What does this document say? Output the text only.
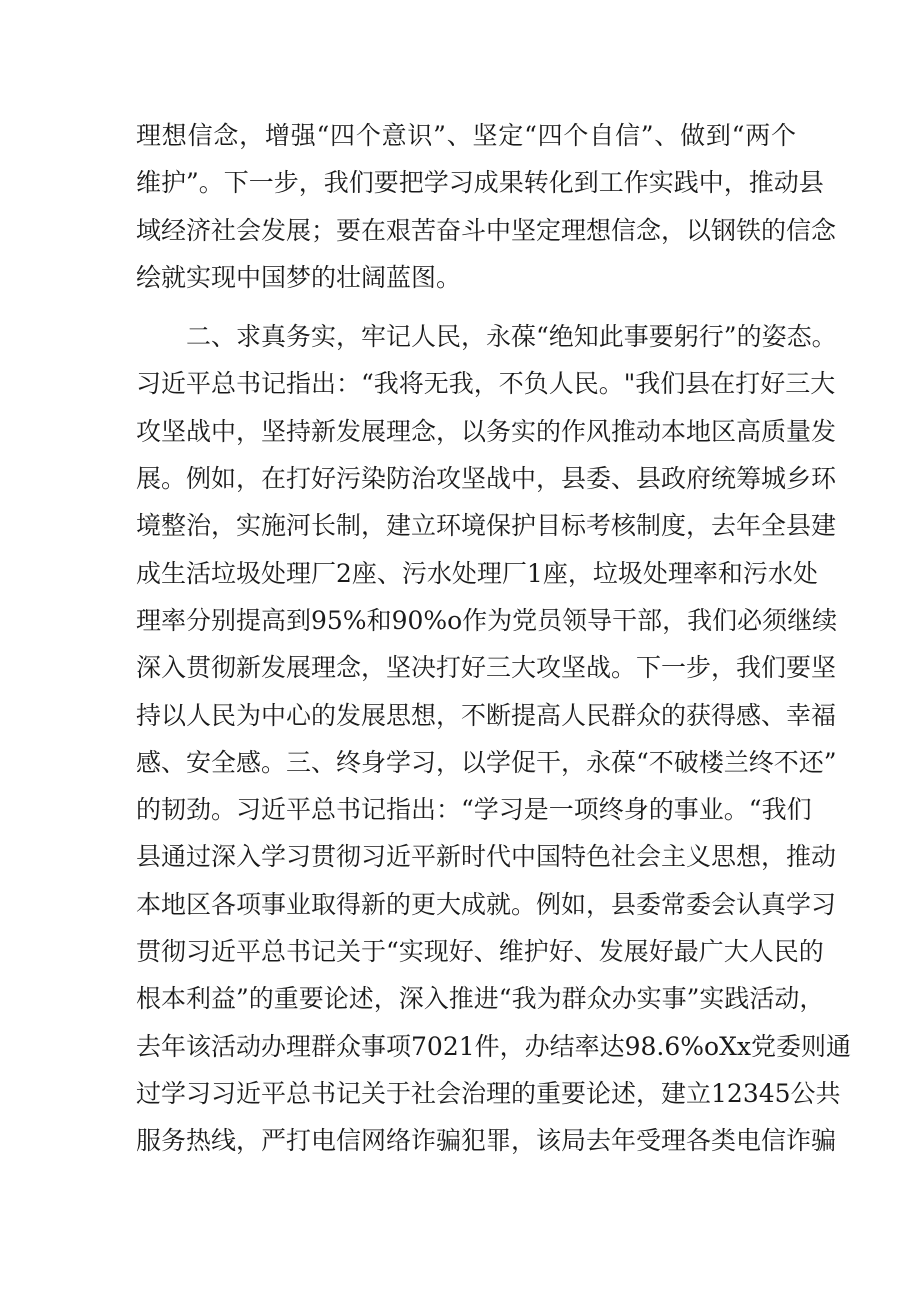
理想信念，增强“四个意识”、坚定“四个自信”、做到“两个
维护”。下一步，我们要把学习成果转化到工作实践中，推动县
域经济社会发展；要在艰苦奋斗中坚定理想信念，以钢铁的信念
绘就实现中国梦的壮阔蓝图。
二、求真务实，牢记人民，永葆“绝知此事要躬行”的姿态。
习近平总书记指出：“我将无我，不负人民。"我们县在打好三大
攻坚战中，坚持新发展理念，以务实的作风推动本地区高质量发
展。例如，在打好污染防治攻坚战中，县委、县政府统筹城乡环
境整治，实施河长制，建立环境保护目标考核制度，去年全县建
成生活垃圾处理厂2座、污水处理厂1座，垃圾处理率和污水处
理率分别提高到95%和90%o作为党员领导干部，我们必须继续
深入贯彻新发展理念，坚决打好三大攻坚战。下一步，我们要坚
持以人民为中心的发展思想，不断提高人民群众的获得感、幸福
感、安全感。三、终身学习，以学促干，永葆“不破楼兰终不还”
的韧劲。习近平总书记指出：“学习是一项终身的事业。“我们
县通过深入学习贯彻习近平新时代中国特色社会主义思想，推动
本地区各项事业取得新的更大成就。例如，县委常委会认真学习
贯彻习近平总书记关于“实现好、维护好、发展好最广大人民的
根本利益”的重要论述，深入推进“我为群众办实事”实践活动，
去年该活动办理群众事项7021件，办结率达98.6%oXx党委则通
过学习习近平总书记关于社会治理的重要论述，建立12345公共
服务热线，严打电信网络诈骗犯罪，该局去年受理各类电信诈骗
